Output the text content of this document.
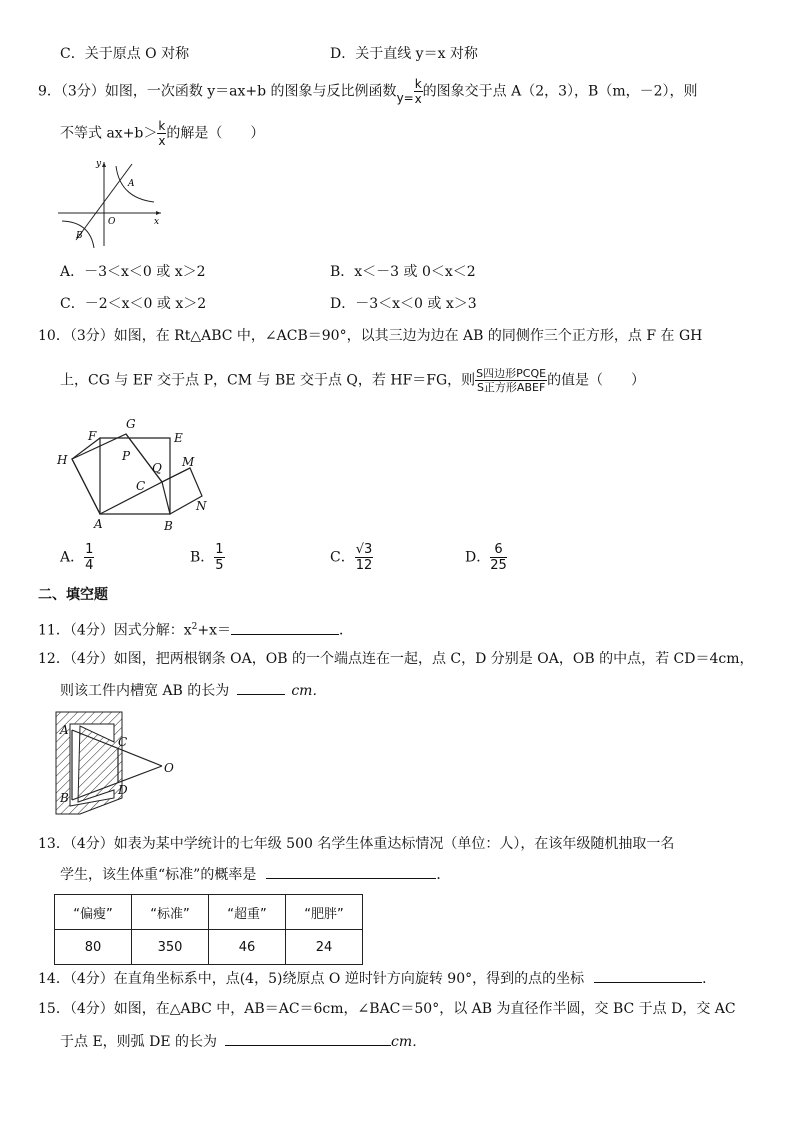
C．关于原点 O 对称	D．关于直线 y＝x 对称
9．（3分）如图，一次函数 y＝ax+b 的图象与反比例函数$y= \frac{k}{x}$ 的图象交于点 A（2，3），B（m，－2），则
不等式 $ax+b> \frac{k}{x}$ 的解是（　　）
y
x
O
A
B
A．－3＜x＜0 或 x＞2	B．x＜－3 或 0＜x＜2
C．－2＜x＜0 或 x＞2	D．－3＜x＜0 或 x＞3
10．（3分）如图，在 Rt△ABC 中，∠ACB＝90°，以其三边为边在 AB 的同侧作三个正方形，点 F 在 GH
上，CG 与 EF 交于点 P，CM 与 BE 交于点 Q，若 HF＝FG，则 $\frac{\text{S四边形PCQE}}{\text{S正方形ABEF}}$ 的值是（　　）
F
G
E
H	P
Q M
C
N
A	B
A． $\frac{1}{4}$	B． $\frac{1}{5}$	C． $\frac{√3}{12}$	D． $\frac{6}{25}$
二、填空题
11．（4分）因式分解：$x^2+x=$	．
12．（4分）如图，把两根钢条 OA，OB 的一个端点连在一起，点 C，D 分别是 OA，OB 的中点，若 CD＝4cm，
则该工件内槽宽 AB 的长为	cm．
A
C
O
D
B
13．（4分）如表为某中学统计的七年级 500 名学生体重达标情况（单位：人），在该年级随机抽取一名
学生，该生体重“标准”的概率是	．
“偏瘦”	“标准”	“超重”	“肥胖”
80	350	46	24
14．（4分）在直角坐标系中，点(4，5)绕原点 O 逆时针方向旋转 90°，得到的点的坐标	．
15．（4分）如图，在△ABC 中，AB＝AC＝6cm，∠BAC＝50°，以 AB 为直径作半圆，交 BC 于点 D，交 AC
于点 E，则弧 DE 的长为	cm．
